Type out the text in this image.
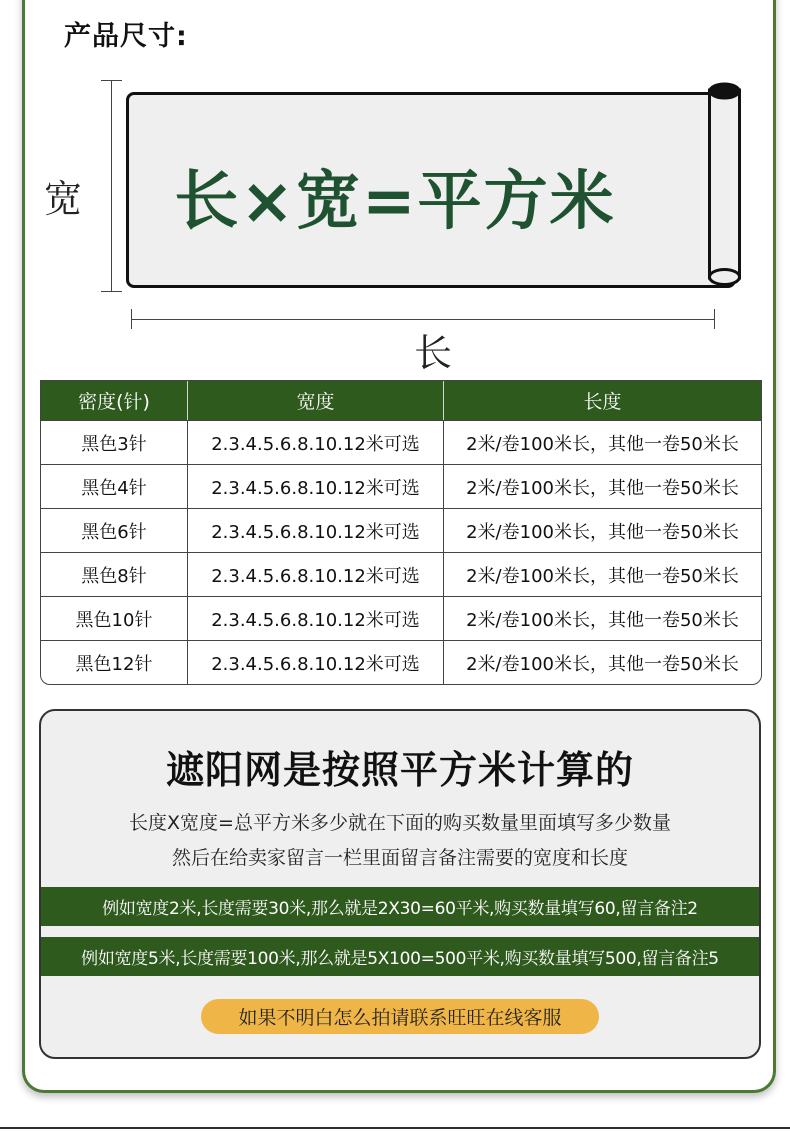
产品尺寸:
宽	长×宽=平方米
长
密度(针)	宽度	长度
黑色3针	2.3.4.5.6.8.10.12米可选	2米/卷100米长，其他一卷50米长
黑色4针	2.3.4.5.6.8.10.12米可选	2米/卷100米长，其他一卷50米长
黑色6针	2.3.4.5.6.8.10.12米可选	2米/卷100米长，其他一卷50米长
黑色8针	2.3.4.5.6.8.10.12米可选	2米/卷100米长，其他一卷50米长
黑色10针	2.3.4.5.6.8.10.12米可选	2米/卷100米长，其他一卷50米长
黑色12针	2.3.4.5.6.8.10.12米可选	2米/卷100米长，其他一卷50米长
遮阳网是按照平方米计算的
长度X宽度=总平方米多少就在下面的购买数量里面填写多少数量
然后在给卖家留言一栏里面留言备注需要的宽度和长度
例如宽度2米,长度需要30米,那么就是2X30=60平米,购买数量填写60,留言备注2
例如宽度5米,长度需要100米,那么就是5X100=500平米,购买数量填写500,留言备注5
如果不明白怎么拍请联系旺旺在线客服
